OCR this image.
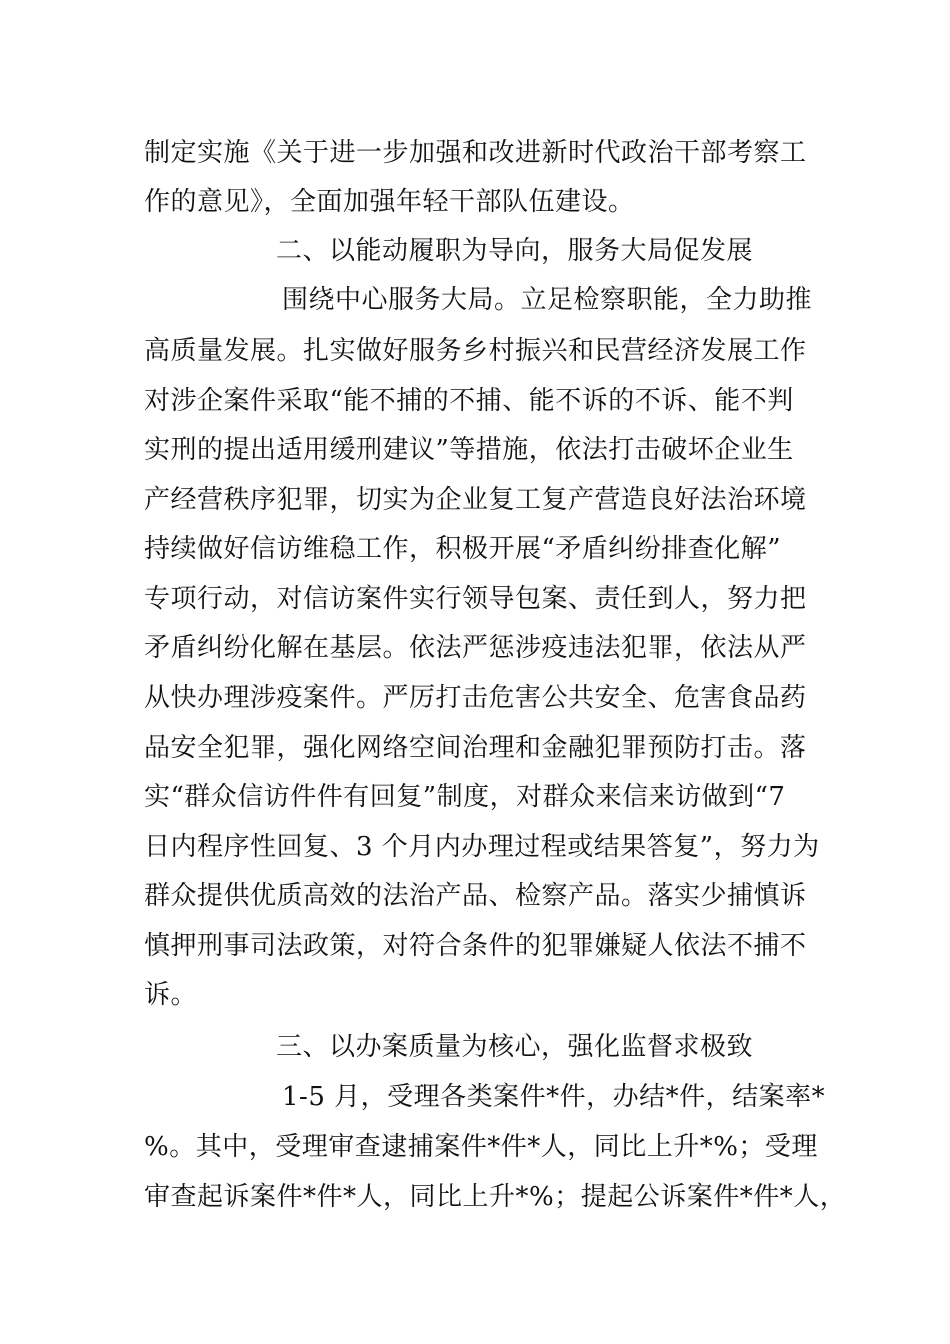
制定实施《关于进一步加强和改进新时代政治干部考察工
作的意见》，全面加强年轻干部队伍建设。
二、以能动履职为导向，服务大局促发展
围绕中心服务大局。立足检察职能，全力助推
高质量发展。扎实做好服务乡村振兴和民营经济发展工作
对涉企案件采取“能不捕的不捕、能不诉的不诉、能不判
实刑的提出适用缓刑建议”等措施，依法打击破坏企业生
产经营秩序犯罪，切实为企业复工复产营造良好法治环境
持续做好信访维稳工作，积极开展“矛盾纠纷排查化解”
专项行动，对信访案件实行领导包案、责任到人，努力把
矛盾纠纷化解在基层。依法严惩涉疫违法犯罪，依法从严
从快办理涉疫案件。严厉打击危害公共安全、危害食品药
品安全犯罪，强化网络空间治理和金融犯罪预防打击。落
实“群众信访件件有回复”制度，对群众来信来访做到“7
日内程序性回复、3 个月内办理过程或结果答复”，努力为
群众提供优质高效的法治产品、检察产品。落实少捕慎诉
慎押刑事司法政策，对符合条件的犯罪嫌疑人依法不捕不
诉。
三、以办案质量为核心，强化监督求极致
1-5 月，受理各类案件*件，办结*件，结案率*
%。其中，受理审查逮捕案件*件*人，同比上升*%；受理
审查起诉案件*件*人，同比上升*%；提起公诉案件*件*人，
